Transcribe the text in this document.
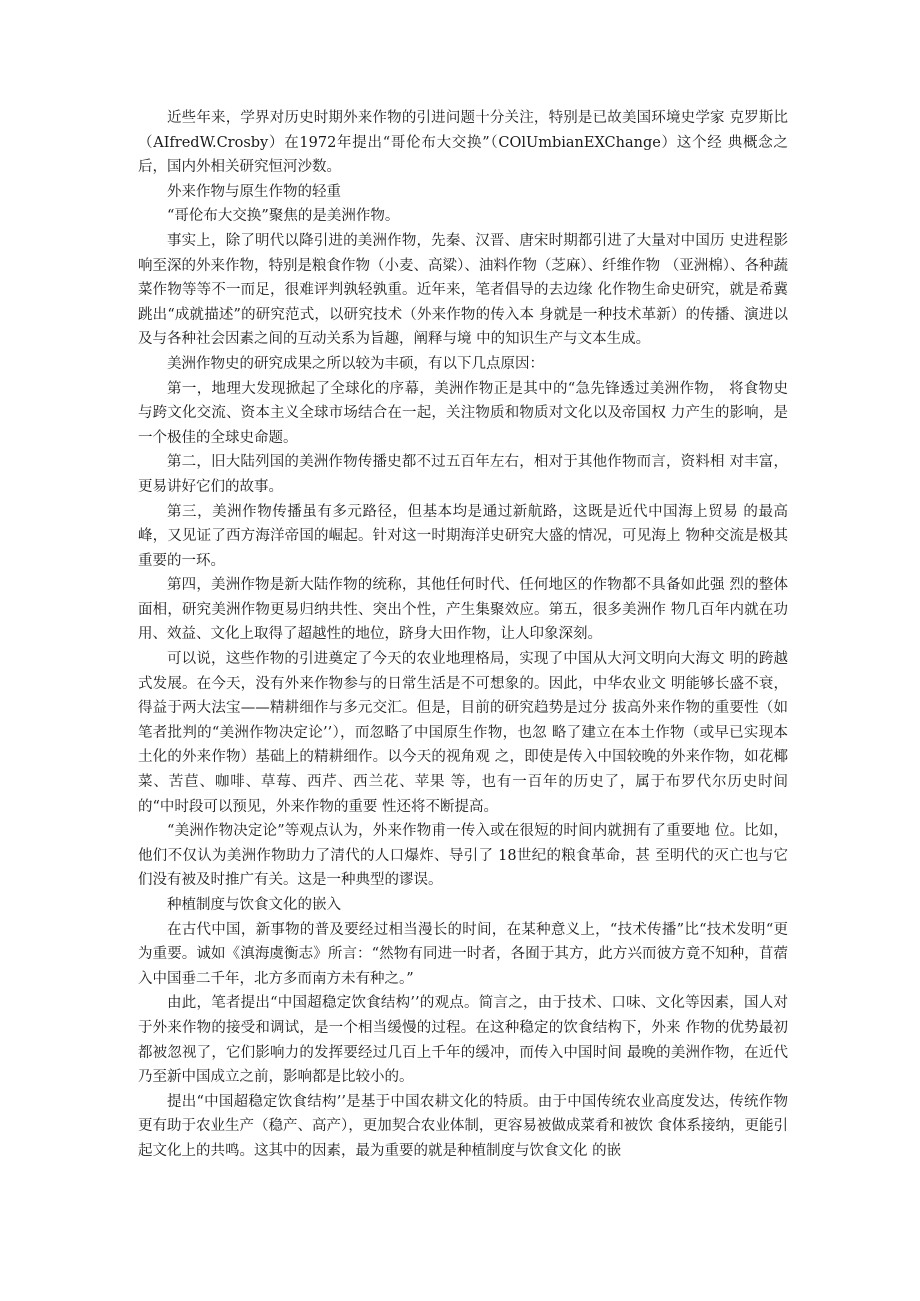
近些年来，学界对历史时期外来作物的引进问题十分关注，特别是已故美国环境史学家 克罗斯比（AIfredW.Crosby）在1972年提出“哥伦布大交换”（COlUmbianEXChange）这个经 典概念之后，国内外相关研究恒河沙数。

外来作物与原生作物的轻重

“哥伦布大交换”聚焦的是美洲作物。

事实上，除了明代以降引进的美洲作物，先秦、汉晋、唐宋时期都引进了大量对中国历 史进程影响至深的外来作物，特别是粮食作物（小麦、高粱）、油料作物（芝麻）、纤维作物 （亚洲棉）、各种蔬菜作物等等不一而足，很难评判孰轻孰重。近年来，笔者倡导的去边缘 化作物生命史研究，就是希冀跳出“成就描述”的研究范式，以研究技术（外来作物的传入本 身就是一种技术革新）的传播、演进以及与各种社会因素之间的互动关系为旨趣，阐释与境 中的知识生产与文本生成。

美洲作物史的研究成果之所以较为丰硕，有以下几点原因：

第一，地理大发现掀起了全球化的序幕，美洲作物正是其中的“急先锋透过美洲作物， 将食物史与跨文化交流、资本主义全球市场结合在一起，关注物质和物质对文化以及帝国权 力产生的影响，是一个极佳的全球史命题。

第二，旧大陆列国的美洲作物传播史都不过五百年左右，相对于其他作物而言，资料相 对丰富，更易讲好它们的故事。

第三，美洲作物传播虽有多元路径，但基本均是通过新航路，这既是近代中国海上贸易 的最高峰，又见证了西方海洋帝国的崛起。针对这一时期海洋史研究大盛的情况，可见海上 物种交流是极其重要的一环。

第四，美洲作物是新大陆作物的统称，其他任何时代、任何地区的作物都不具备如此强 烈的整体面相，研究美洲作物更易归纳共性、突出个性，产生集聚效应。第五，很多美洲作 物几百年内就在功用、效益、文化上取得了超越性的地位，跻身大田作物，让人印象深刻。

可以说，这些作物的引进奠定了今天的农业地理格局，实现了中国从大河文明向大海文 明的跨越式发展。在今天，没有外来作物参与的日常生活是不可想象的。因此，中华农业文 明能够长盛不衰，得益于两大法宝——精耕细作与多元交汇。但是，目前的研究趋势是过分 拔高外来作物的重要性（如笔者批判的“美洲作物决定论’’），而忽略了中国原生作物，也忽 略了建立在本土作物（或早已实现本土化的外来作物）基础上的精耕细作。以今天的视角观 之，即使是传入中国较晚的外来作物，如花椰菜、苦苣、咖啡、草莓、西芹、西兰花、苹果 等，也有一百年的历史了，属于布罗代尔历史时间的“中时段可以预见，外来作物的重要 性还将不断提高。

“美洲作物决定论”等观点认为，外来作物甫一传入或在很短的时间内就拥有了重要地 位。比如，他们不仅认为美洲作物助力了清代的人口爆炸、导引了 18世纪的粮食革命，甚 至明代的灭亡也与它们没有被及时推广有关。这是一种典型的谬误。

种植制度与饮食文化的嵌入

在古代中国，新事物的普及要经过相当漫长的时间，在某种意义上，“技术传播”比“技术发明“更为重要。诚如《滇海虞衡志》所言：“然物有同进一时者，各囿于其方，此方兴而彼方竟不知种，苜蓿入中国垂二千年，北方多而南方未有种之。”

由此，笔者提出“中国超稳定饮食结构’’的观点。简言之，由于技术、口味、文化等因素，国人对于外来作物的接受和调试，是一个相当缓慢的过程。在这种稳定的饮食结构下，外来 作物的优势最初都被忽视了，它们影响力的发挥要经过几百上千年的缓冲，而传入中国时间 最晚的美洲作物，在近代乃至新中国成立之前，影响都是比较小的。

提出“中国超稳定饮食结构’’是基于中国农耕文化的特质。由于中国传统农业高度发达，传统作物更有助于农业生产（稳产、高产），更加契合农业体制，更容易被做成菜肴和被饮 食体系接纳，更能引起文化上的共鸣。这其中的因素，最为重要的就是种植制度与饮食文化 的嵌
